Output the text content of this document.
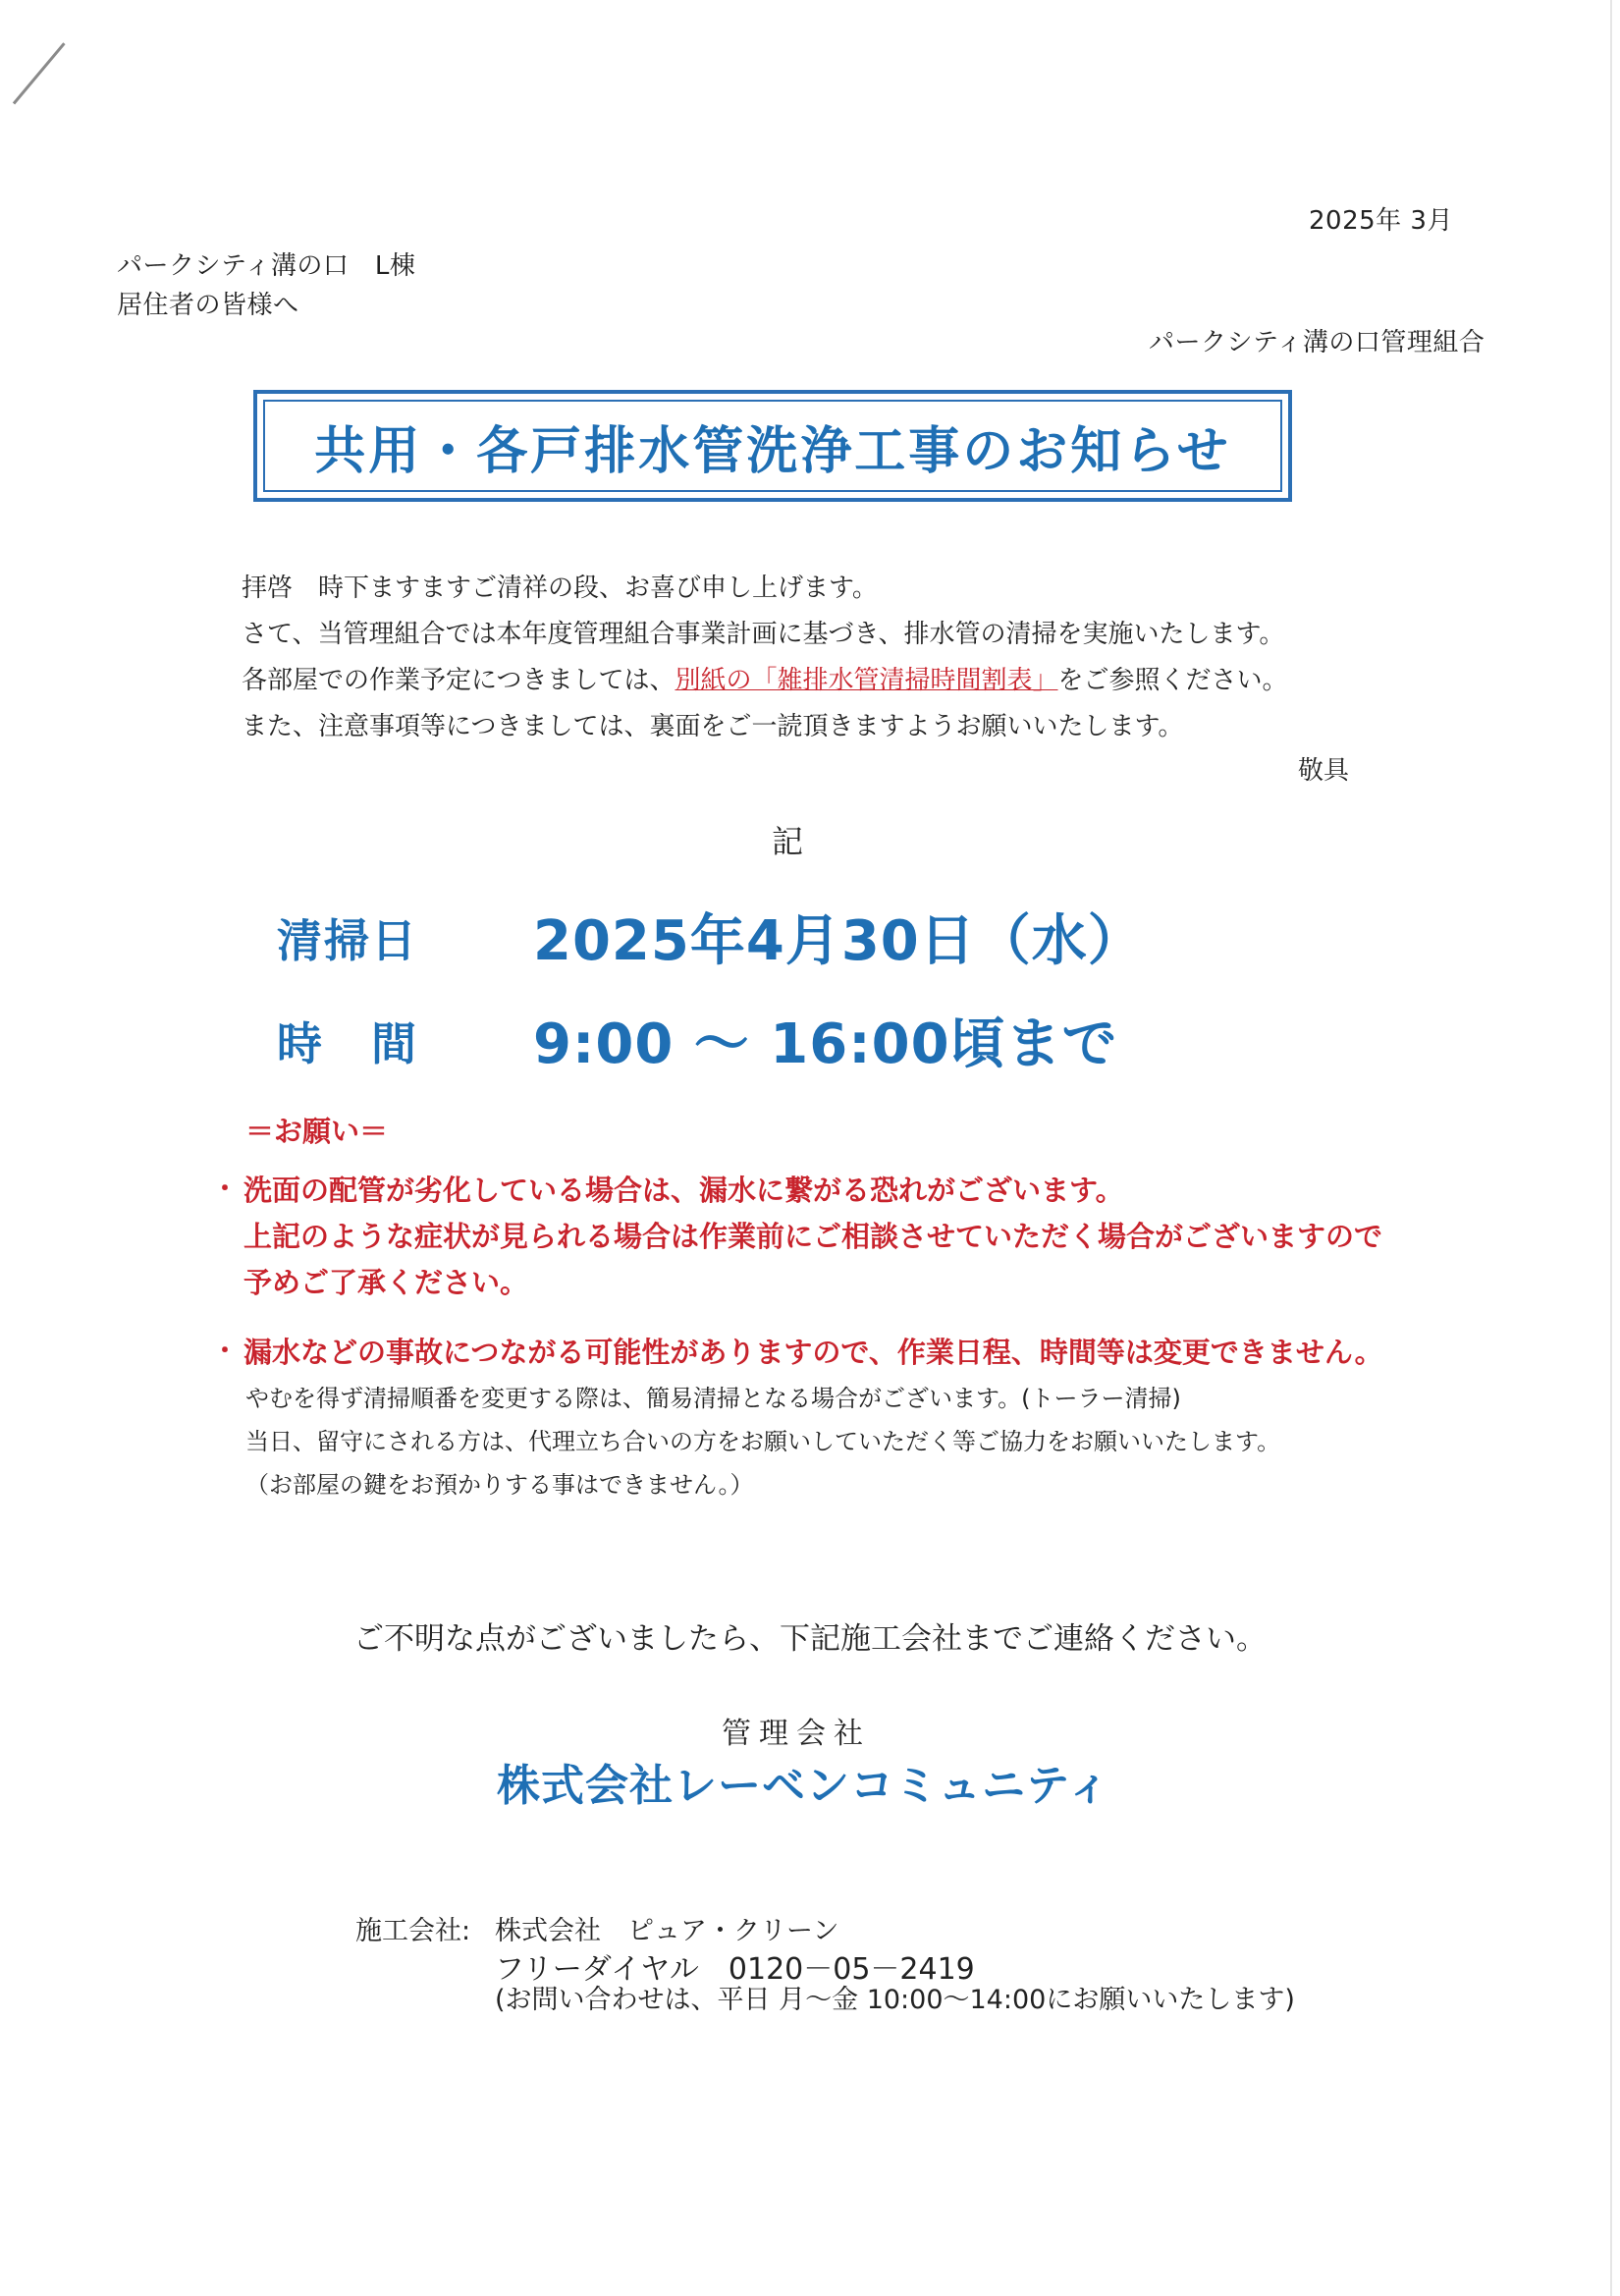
2025年 3月
パークシティ溝の口　L棟
居住者の皆様へ
パークシティ溝の口管理組合
共用・各戸排水管洗浄工事のお知らせ
拝啓　時下ますますご清祥の段、お喜び申し上げます。
さて、当管理組合では本年度管理組合事業計画に基づき、排水管の清掃を実施いたします。
各部屋での作業予定につきましては、別紙の「雑排水管清掃時間割表」をご参照ください。
また、注意事項等につきましては、裏面をご一読頂きますようお願いいたします。
敬具
記
清掃日 2025年4月30日（水）
時　間 9:00 ～ 16:00頃まで
＝お願い＝
・ 洗面の配管が劣化している場合は、漏水に繋がる恐れがございます。
上記のような症状が見られる場合は作業前にご相談させていただく場合がございますので
予めご了承ください。
・ 漏水などの事故につながる可能性がありますので、作業日程、時間等は変更できません。
やむを得ず清掃順番を変更する際は、簡易清掃となる場合がございます。(トーラー清掃)
当日、留守にされる方は、代理立ち合いの方をお願いしていただく等ご協力をお願いいたします。
（お部屋の鍵をお預かりする事はできません。）
ご不明な点がございましたら、下記施工会社までご連絡ください。
管理会社
株式会社レーベンコミュニティ
施工会社: 株式会社　ピュア・クリーン
フリーダイヤル　0120－05－2419
(お問い合わせは、平日 月～金 10:00～14:00にお願いいたします)
